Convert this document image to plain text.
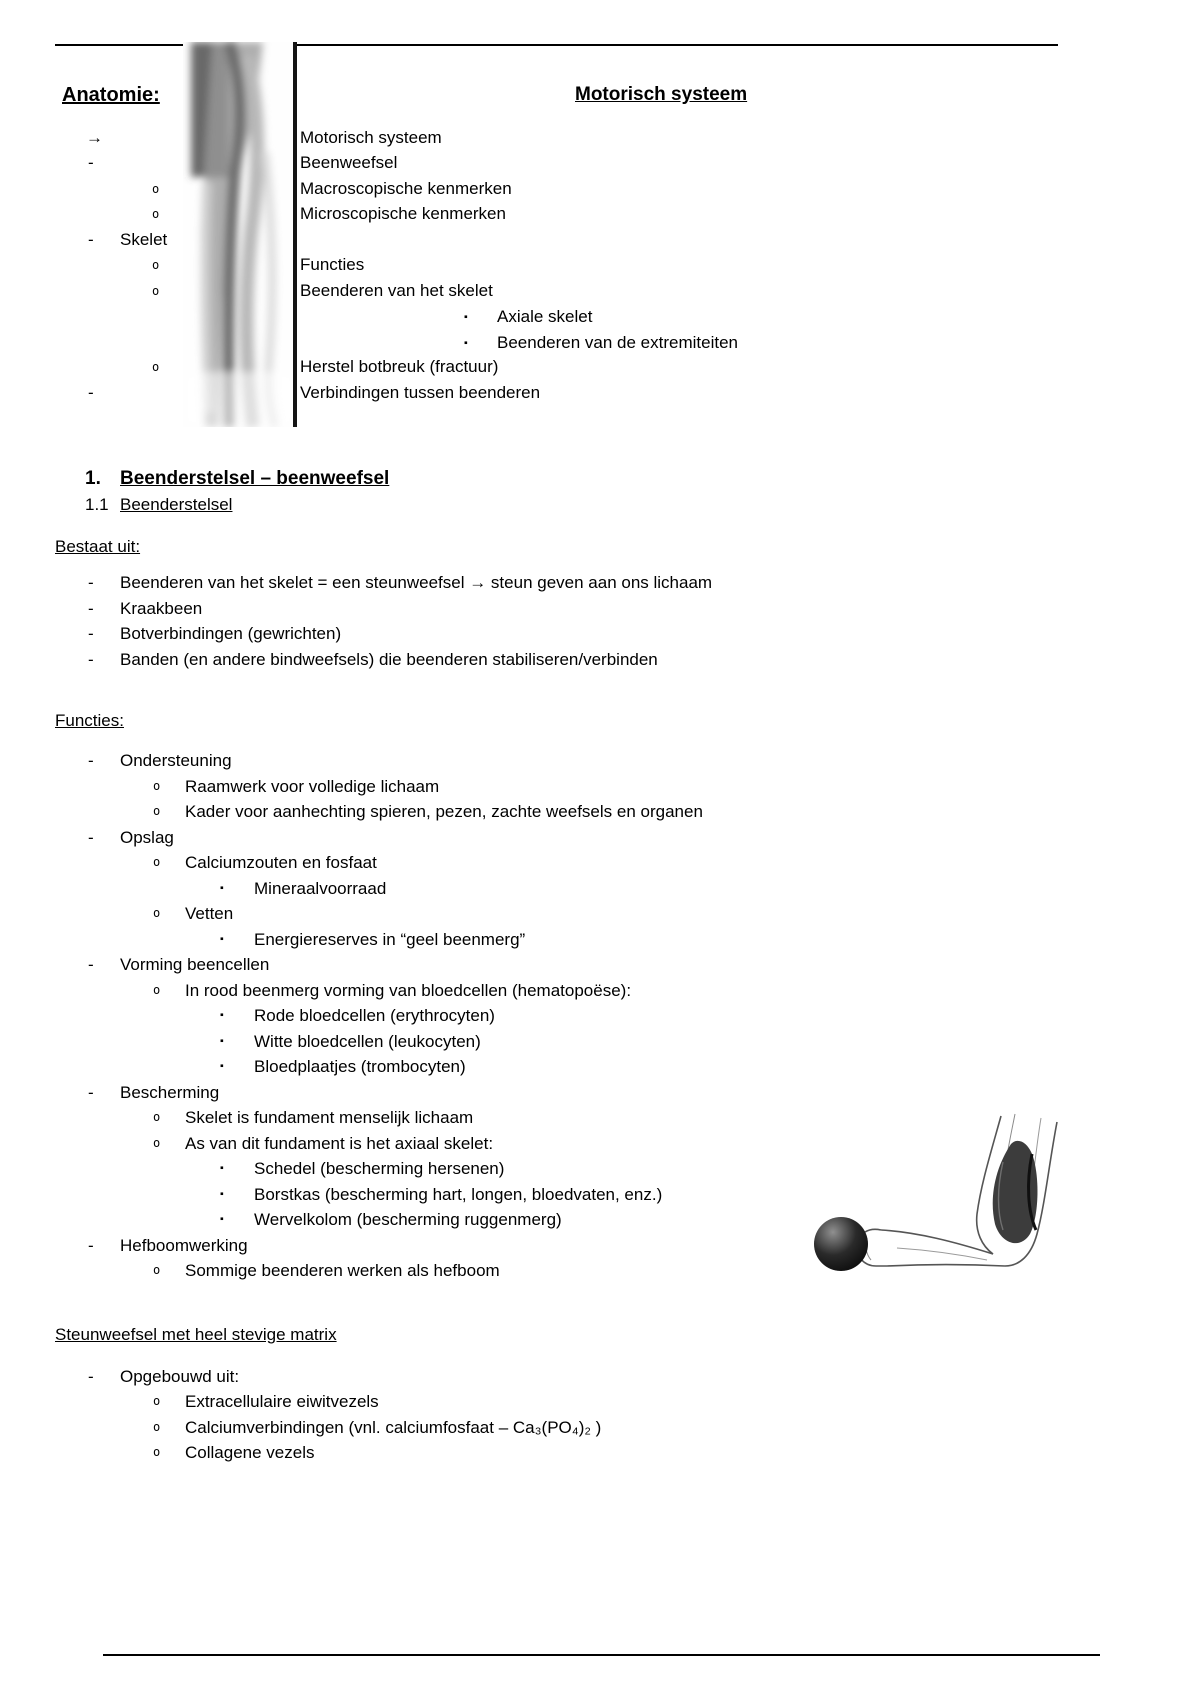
Anatomie:	Motorisch systeem
→	Motorisch systeem
-	Beenweefsel
o	Macroscopische kenmerken
o	Microscopische kenmerken
- Skelet
o	Functies
o	Beenderen van het skelet
▪ Axiale skelet
▪ Beenderen van de extremiteiten
o	Herstel botbreuk (fractuur)
-	Verbindingen tussen beenderen
1. Beenderstelsel – beenweefsel
1.1 Beenderstelsel
Bestaat uit:
- Beenderen van het skelet = een steunweefsel → steun geven aan ons lichaam
- Kraakbeen
- Botverbindingen (gewrichten)
- Banden (en andere bindweefsels) die beenderen stabiliseren/verbinden
Functies:
- Ondersteuning
o Raamwerk voor volledige lichaam
o Kader voor aanhechting spieren, pezen, zachte weefsels en organen
- Opslag
o Calciumzouten en fosfaat
▪ Mineraalvoorraad
o Vetten
▪ Energiereserves in “geel beenmerg”
- Vorming beencellen
o In rood beenmerg vorming van bloedcellen (hematopoëse):
▪ Rode bloedcellen (erythrocyten)
▪ Witte bloedcellen (leukocyten)
▪ Bloedplaatjes (trombocyten)
- Bescherming
o Skelet is fundament menselijk lichaam
o As van dit fundament is het axiaal skelet:
▪ Schedel (bescherming hersenen)
▪ Borstkas (bescherming hart, longen, bloedvaten, enz.)
▪ Wervelkolom (bescherming ruggenmerg)
- Hefboomwerking
o Sommige beenderen werken als hefboom
Steunweefsel met heel stevige matrix
- Opgebouwd uit:
o Extracellulaire eiwitvezels
o Calciumverbindingen (vnl. calciumfosfaat – Ca₃(PO₄)₂ )
o Collagene vezels
